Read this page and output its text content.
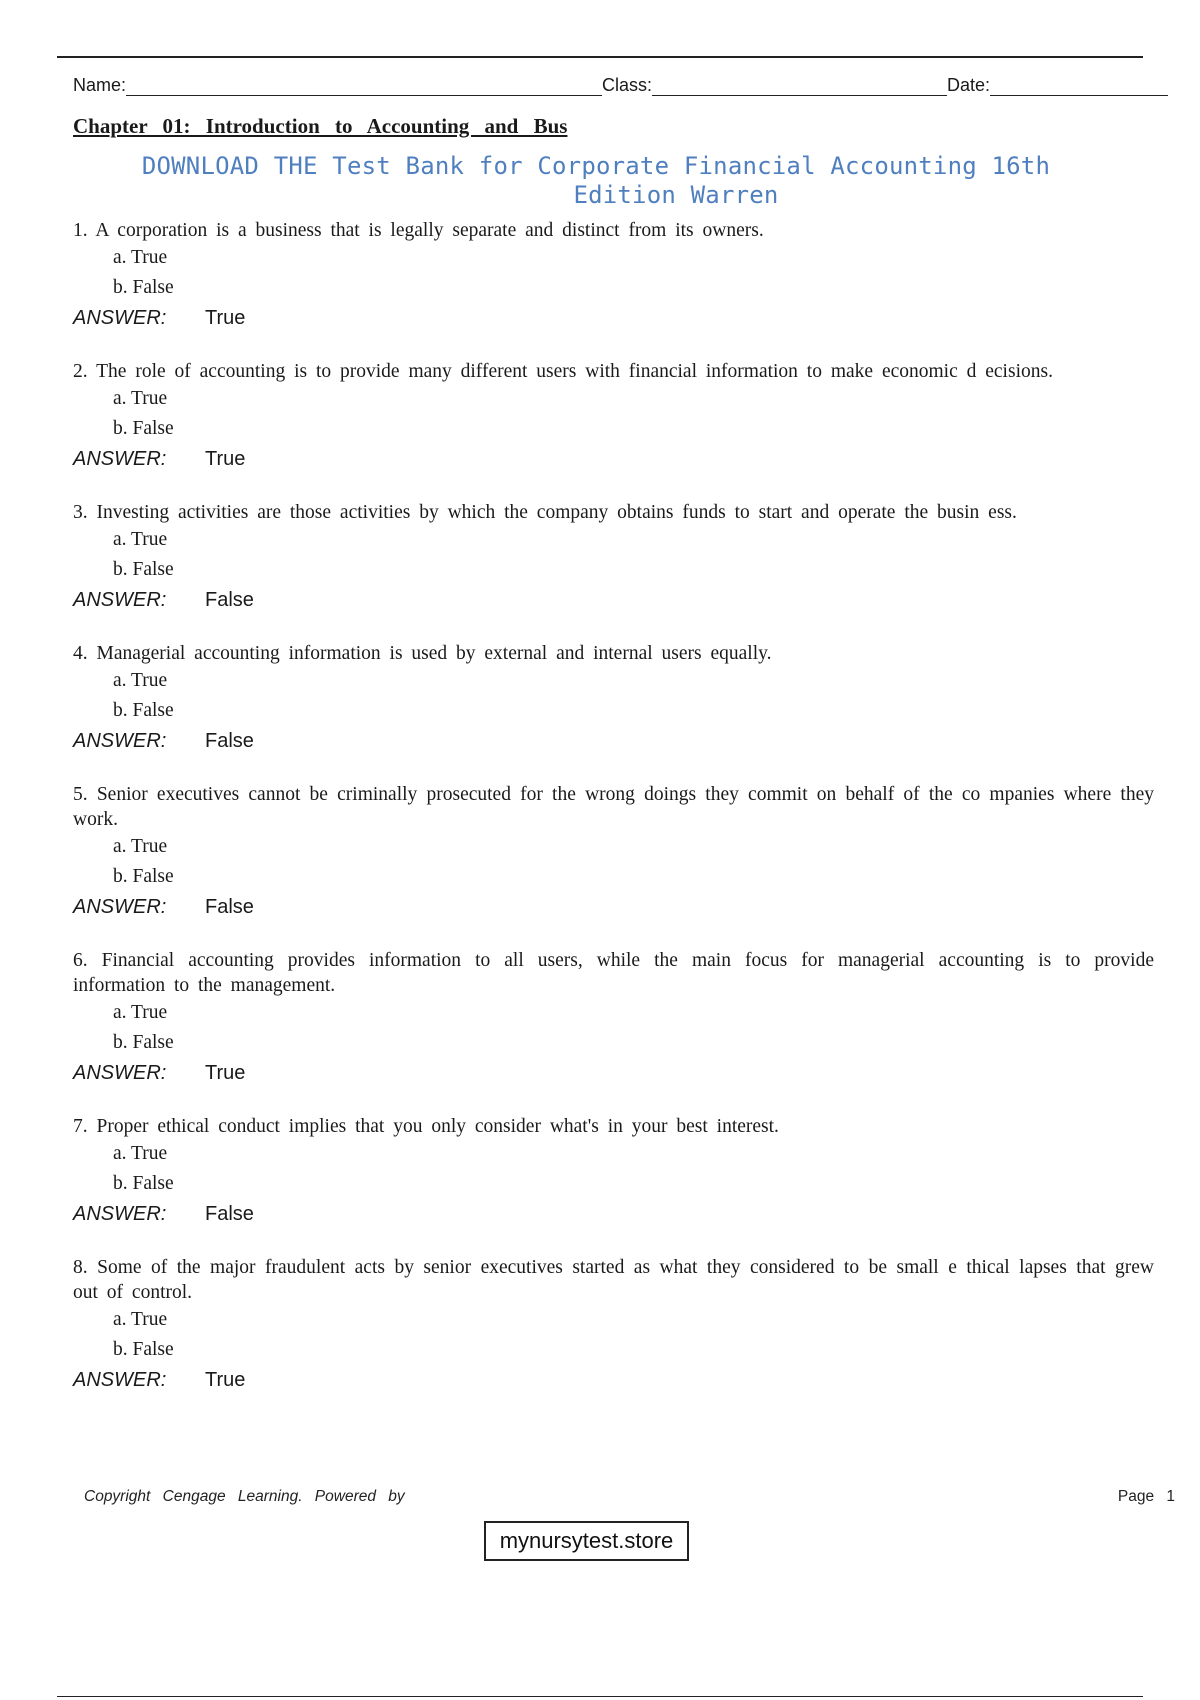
Name:	Class:	Date:
Chapter 01: Introduction to Accounting and Bus
DOWNLOAD THE Test Bank for Corporate Financial Accounting 16th
Edition Warren
1. A corporation is a business that is legally separate and distinct from its owners.
a. True
b. False
ANSWER: True
2. The role of accounting is to provide many different users with financial information to make economic d ecisions.
a. True
b. False
ANSWER: True
3. Investing activities are those activities by which the company obtains funds to start and operate the busin ess.
a. True
b. False
ANSWER: False
4. Managerial accounting information is used by external and internal users equally.
a. True
b. False
ANSWER: False
5. Senior executives cannot be criminally prosecuted for the wrong doings they commit on behalf of the co mpanies where they work.
a. True
b. False
ANSWER: False
6. Financial accounting provides information to all users, while the main focus for managerial accounting is to provide information to the management.
a. True
b. False
ANSWER: True
7. Proper ethical conduct implies that you only consider what's in your best interest.
a. True
b. False
ANSWER: False
8. Some of the major fraudulent acts by senior executives started as what they considered to be small e thical lapses that grew out of control.
a. True
b. False
ANSWER: True
Copyright Cengage Learning. Powered by	Page 1
mynursytest.store
